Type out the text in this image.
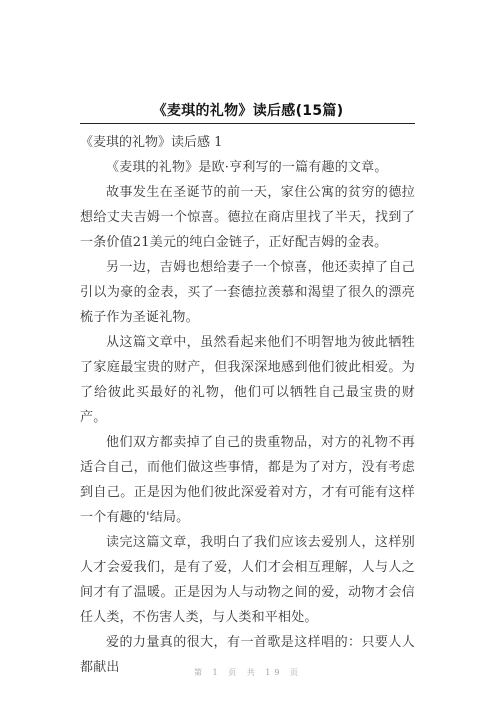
《麦琪的礼物》读后感(15篇)

《麦琪的礼物》读后感 1

《麦琪的礼物》是欧·亨利写的一篇有趣的文章。

故事发生在圣诞节的前一天，家住公寓的贫穷的德拉想给丈夫吉姆一个惊喜。德拉在商店里找了半天，找到了一条价值21美元的纯白金链子，正好配吉姆的金表。

另一边，吉姆也想给妻子一个惊喜，他还卖掉了自己引以为豪的金表，买了一套德拉羡慕和渴望了很久的漂亮梳子作为圣诞礼物。

从这篇文章中，虽然看起来他们不明智地为彼此牺牲了家庭最宝贵的财产，但我深深地感到他们彼此相爱。为了给彼此买最好的礼物，他们可以牺牲自己最宝贵的财产。

他们双方都卖掉了自己的贵重物品，对方的礼物不再适合自己，而他们做这些事情，都是为了对方，没有考虑到自己。正是因为他们彼此深爱着对方，才有可能有这样一个有趣的'结局。

读完这篇文章，我明白了我们应该去爱别人，这样别人才会爱我们，是有了爱，人们才会相互理解，人与人之间才有了温暖。正是因为人与动物之间的爱，动物才会信任人类，不伤害人类，与人类和平相处。

爱的力量真的很大，有一首歌是这样唱的：只要人人都献出	第 1 页 共 19 页
